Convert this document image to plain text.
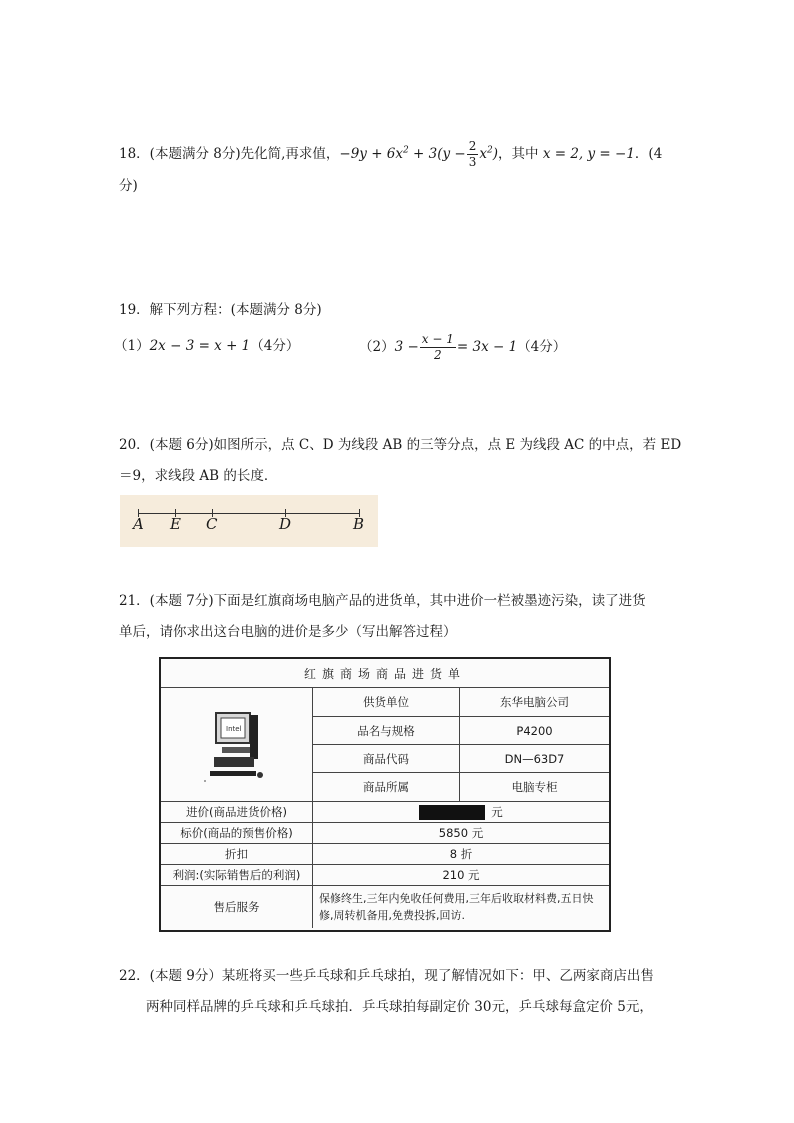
18．(本题满分 8分)先化简,再求值，$-9y + 6x^2 + 3(y - \frac{2}{3} x^2)$，其中 x = 2, y = −1．(4
分)
19．解下列方程：(本题满分 8分)
（1）2x − 3 = x + 1（4分）	$(2)3 - \frac{x - 1}{2} = 3x - 1(4$分）
20．(本题 6分)如图所示，点 C、D 为线段 AB 的三等分点，点 E 为线段 AC 的中点，若 ED
＝9，求线段 AB 的长度．
A E C	D	B
21．(本题 7分)下面是红旗商场电脑产品的进货单，其中进价一栏被墨迹污染，读了进货
单后，请你求出这台电脑的进价是多少（写出解答过程）
红旗商场商品进货单
Intel
供货单位	东华电脑公司
品名与规格	P4200
商品代码	DN—63D7
商品所属	电脑专柜
进价(商品进货价格)	元
标价(商品的预售价格)	5850 元
折扣	8 折
利润:(实际销售后的利润)	210 元
售后服务
保修终生,三年内免收任何费用,三年后收取材料费,五日快修,周转机备用,免费投拆,回访.
22．(本题 9分）某班将买一些乒乓球和乒乓球拍，现了解情况如下：甲、乙两家商店出售
两种同样品牌的乒乓球和乒乓球拍．乒乓球拍每副定价 30元，乒乓球每盒定价 5元，
